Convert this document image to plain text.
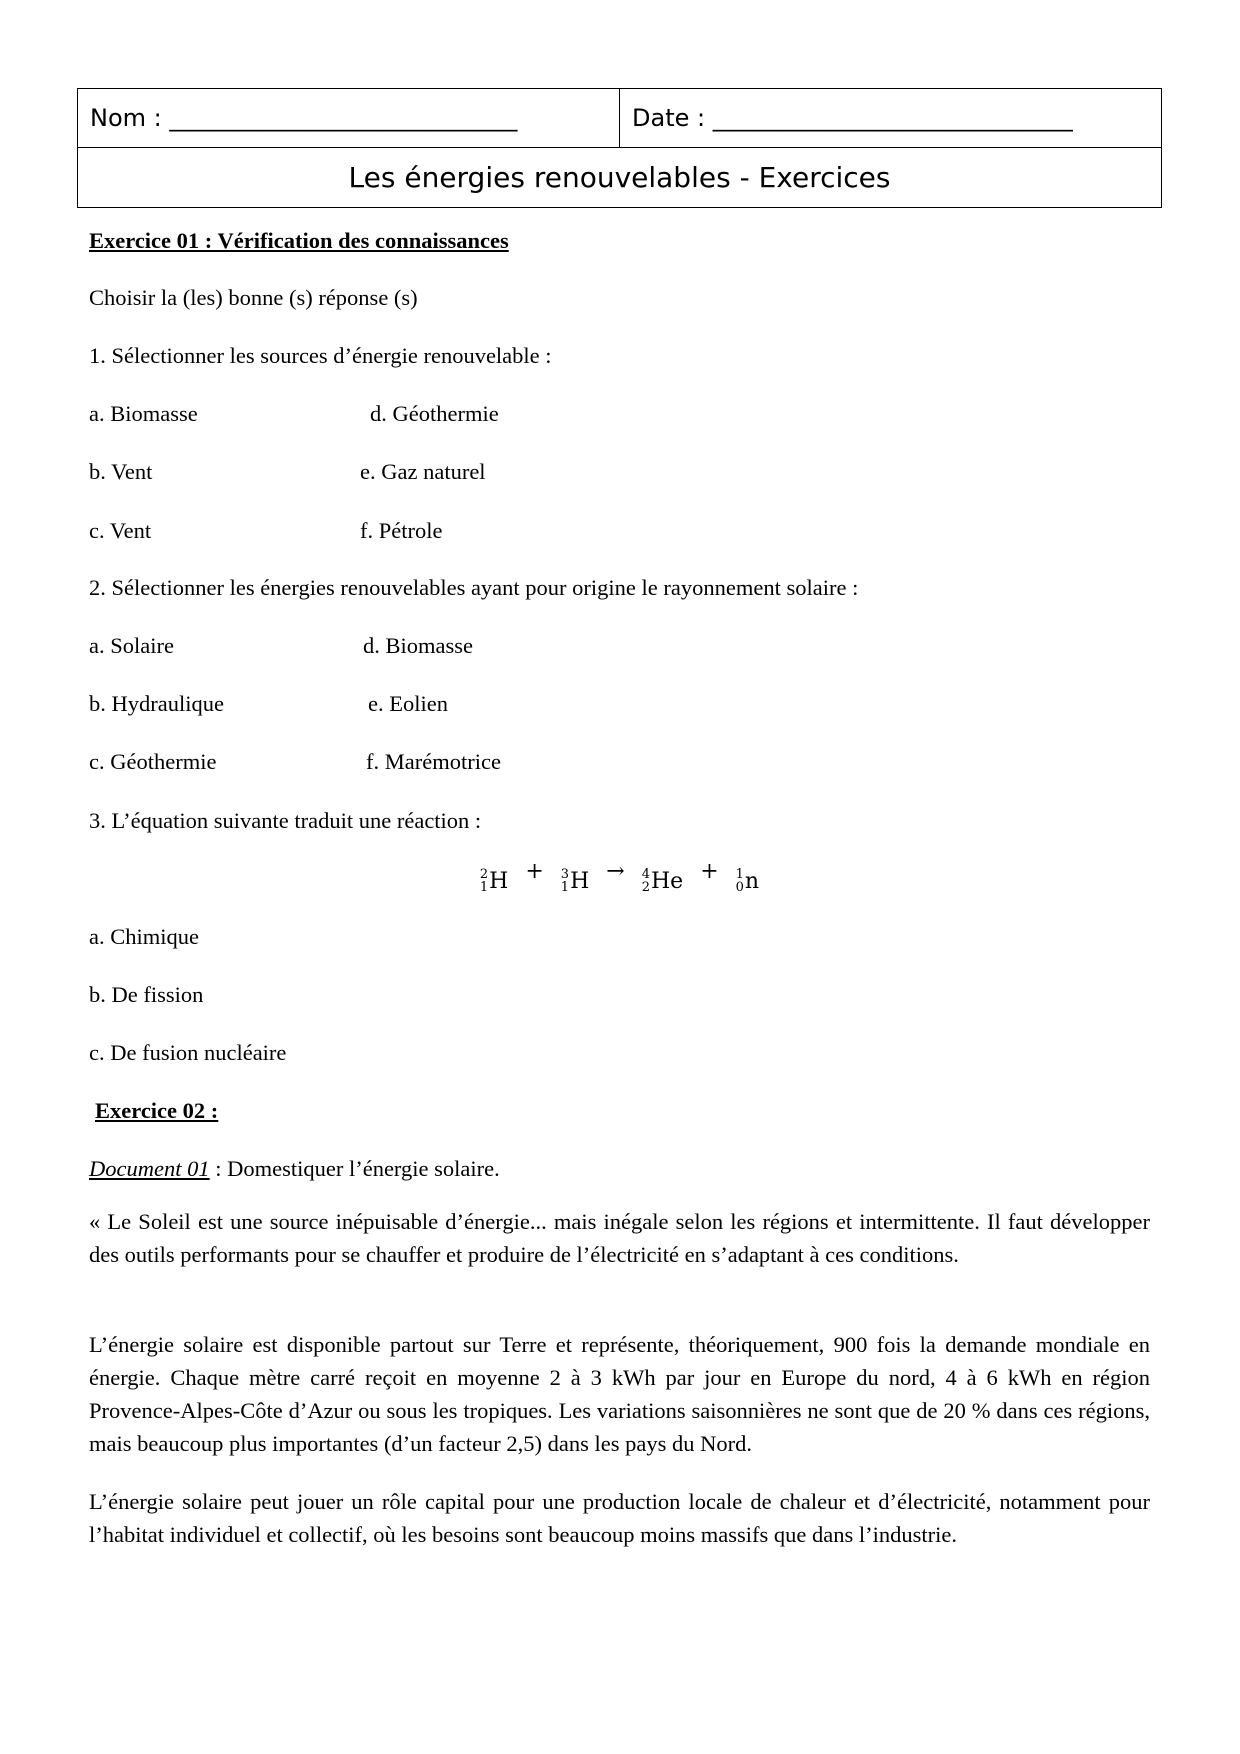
Nom : _____________________________	Date : ______________________________
Les énergies renouvelables - Exercices
Exercice 01 : Vérification des connaissances
Choisir la (les) bonne (s) réponse (s)
1. Sélectionner les sources d’énergie renouvelable :
a. Biomasse	d. Géothermie
b. Vent	e. Gaz naturel
c. Vent	f. Pétrole
2. Sélectionner les énergies renouvelables ayant pour origine le rayonnement solaire :
a. Solaire	d. Biomasse
b. Hydraulique	e. Eolien
c. Géothermie	f. Marémotrice
3. L’équation suivante traduit une réaction :
2
1 H + 3
1 H → 4
2 He + 1
0 n
a. Chimique
b. De fission
c. De fusion nucléaire
Exercice 02 :
Document 01 : Domestiquer l’énergie solaire.
« Le Soleil est une source inépuisable d’énergie... mais inégale selon les régions et intermittente. Il faut développer des outils performants pour se chauffer et produire de l’électricité en s’adaptant à ces conditions.
L’énergie solaire est disponible partout sur Terre et représente, théoriquement, 900 fois la demande mondiale en énergie. Chaque mètre carré reçoit en moyenne 2 à 3 kWh par jour en Europe du nord, 4 à 6 kWh en région Provence-Alpes-Côte d’Azur ou sous les tropiques. Les variations saisonnières ne sont que de 20 % dans ces régions, mais beaucoup plus importantes (d’un facteur 2,5) dans les pays du Nord.
L’énergie solaire peut jouer un rôle capital pour une production locale de chaleur et d’électricité, notamment pour l’habitat individuel et collectif, où les besoins sont beaucoup moins massifs que dans l’industrie.
